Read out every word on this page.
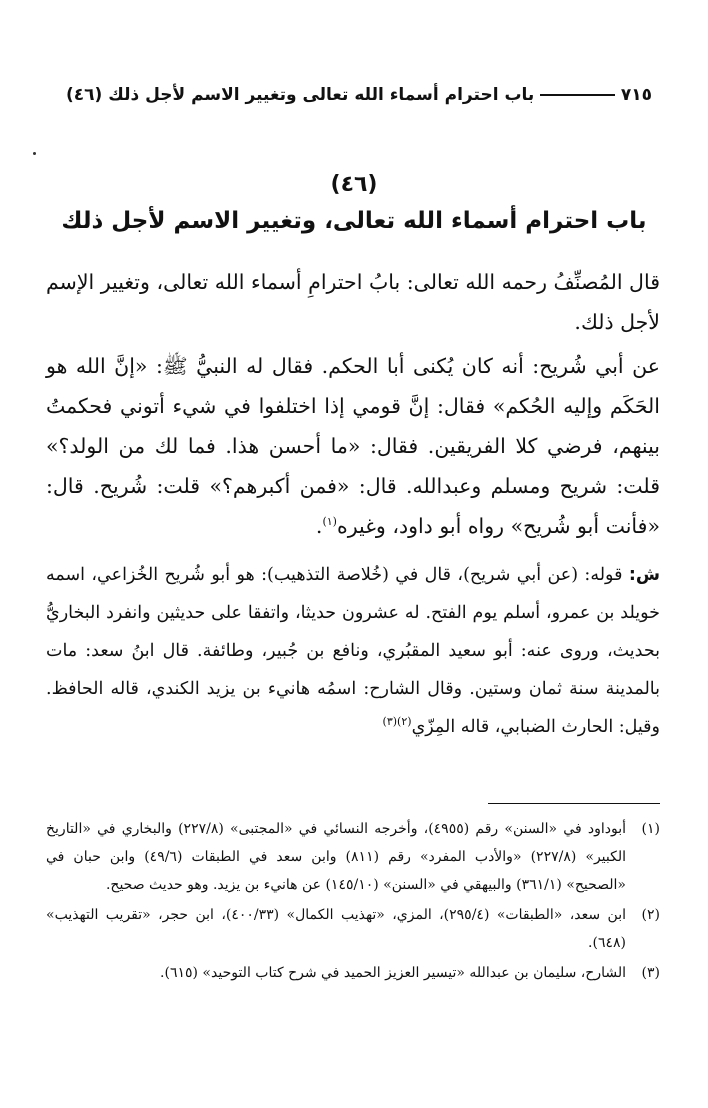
باب احترام أسماء الله تعالى وتغيير الاسم لأجل ذلك (٤٦)	٧١٥
(٤٦)
باب احترام أسماء الله تعالى، وتغيير الاسم لأجل ذلك

قال المُصنِّفُ رحمه الله تعالى: بابُ احترامِ أسماء الله تعالى، وتغيير الإسم لأجل ذلك.

عن أبي شُريح: أنه كان يُكنى أبا الحكم. فقال له النبيُّ ﷺ: «إنَّ الله هو الحَكَم وإليه الحُكم» فقال: إنَّ قومي إذا اختلفوا في شيء أتوني فحكمتُ بينهم، فرضي كلا الفريقين. فقال: «ما أحسن هذا. فما لك من الولد؟» قلت: شريح ومسلم وعبدالله. قال: «فمن أكبرهم؟» قلت: شُريح. قال: «فأنت أبو شُريح» رواه أبو داود، وغيره$^{(١)}$.

ش: قوله: (عن أبي شريح)، قال في (خُلاصة التذهيب): هو أبو شُريح الخُزاعي، اسمه خويلد بن عمرو، أسلم يوم الفتح. له عشرون حديثا، واتفقا على حديثين وانفرد البخاريُّ بحديث، وروى عنه: أبو سعيد المقبُري، ونافع بن جُبير، وطائفة. قال ابنُ سعد: مات بالمدينة سنة ثمان وستين. وقال الشارح: اسمُه هانيء بن يزيد الكندي، قاله الحافظ. وقيل: الحارث الضبابي، قاله المِزّي$^{(٢)(٣)}$

(١)
أبوداود في «السنن» رقم (٤٩٥٥)، وأخرجه النسائي في «المجتبى» (٢٢٧/٨) والبخاري في «التاريخ الكبير» (٢٢٧/٨) «والأدب المفرد» رقم (٨١١) وابن سعد في الطبقات (٤٩/٦) وابن حبان في «الصحيح» (٣٦١/١) والبيهقي في «السنن» (١٤٥/١٠) عن هانيء بن يزيد. وهو حديث صحيح.
(٢)
ابن سعد، «الطبقات» (٢٩٥/٤)، المزي، «تهذيب الكمال» (٤٠٠/٣٣)، ابن حجر، «تقريب التهذيب» (٦٤٨).
(٣)
الشارح، سليمان بن عبدالله «تيسير العزيز الحميد في شرح كتاب التوحيد» (٦١٥).
